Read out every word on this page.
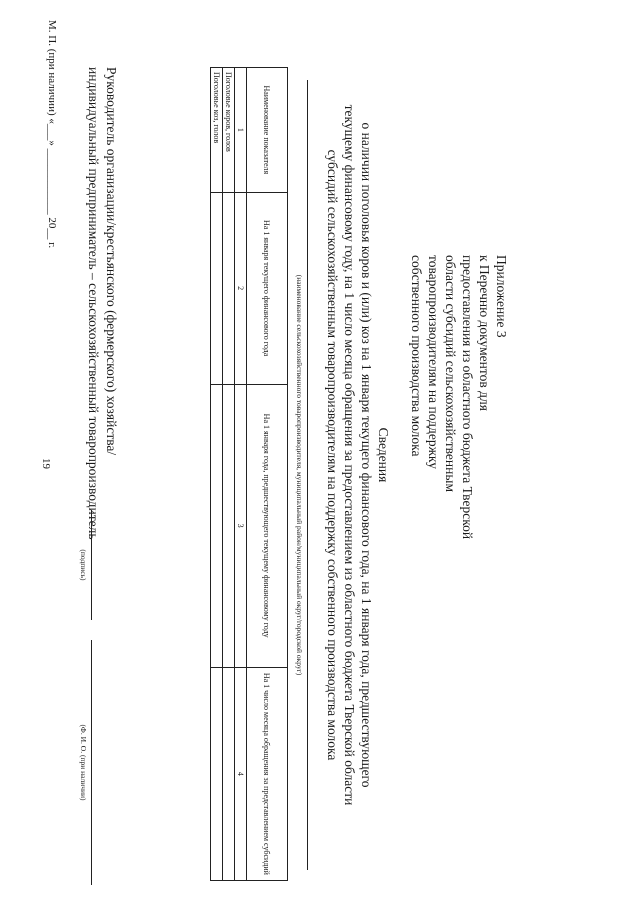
19
Приложение 3
к Перечню документов для
предоставления из областного бюджета Тверской
области субсидий сельскохозяйственным
товаропроизводителям на поддержку
собственного производства молока
Сведения
о наличии поголовья коров и (или) коз на 1 января текущего финансового года, на 1 января года, предшествующего
текущему финансовому году, на 1 число месяца обращения за предоставлением из областного бюджета Тверской области
субсидий сельскохозяйственным товаропроизводителям на поддержку собственного производства молока
(наименование сельскохозяйственного товаропроизводителя, муниципальный район/муниципальный округ/городской округ)
Наименование показателя	На 1 января текущего финансового года	На 1 января года, предшествующего текущему финансовому году	На 1 число месяца обращения за представлением субсидий
1	2	3	4
Поголовье коров, голов			
Поголовье коз, голов			
Руководитель организации/крестьянского (фермерского) хозяйства/
индивидуальный предприниматель – сельскохозяйственный товаропроизводитель
(подпись)
(Ф. И. О. (при наличии)
М. П. (при наличии) «___» ____________ 20__ г.
